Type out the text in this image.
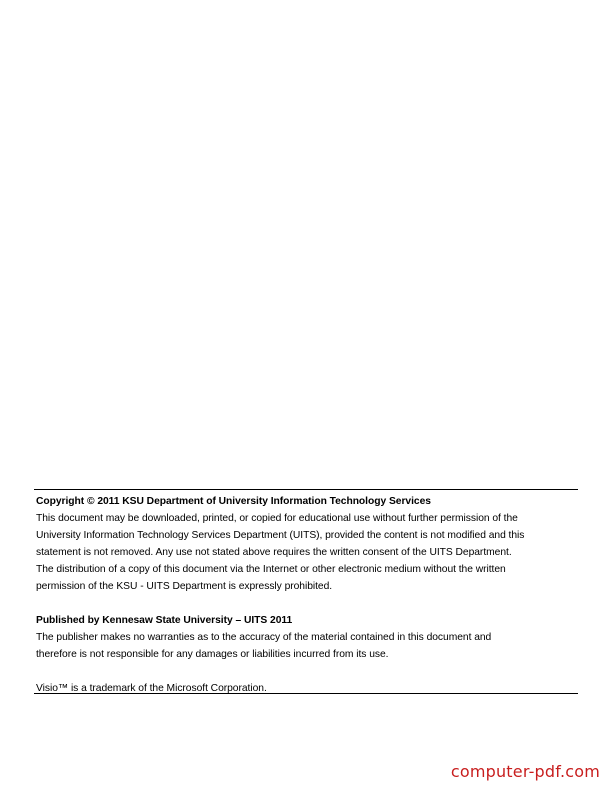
Copyright © 2011 KSU Department of University Information Technology Services
This document may be downloaded, printed, or copied for educational use without further permission of the
University Information Technology Services Department (UITS), provided the content is not modified and this
statement is not removed. Any use not stated above requires the written consent of the UITS Department.
The distribution of a copy of this document via the Internet or other electronic medium without the written
permission of the KSU - UITS Department is expressly prohibited.
Published by Kennesaw State University – UITS 2011
The publisher makes no warranties as to the accuracy of the material contained in this document and
therefore is not responsible for any damages or liabilities incurred from its use.
Visio™ is a trademark of the Microsoft Corporation.
computer-pdf.com
